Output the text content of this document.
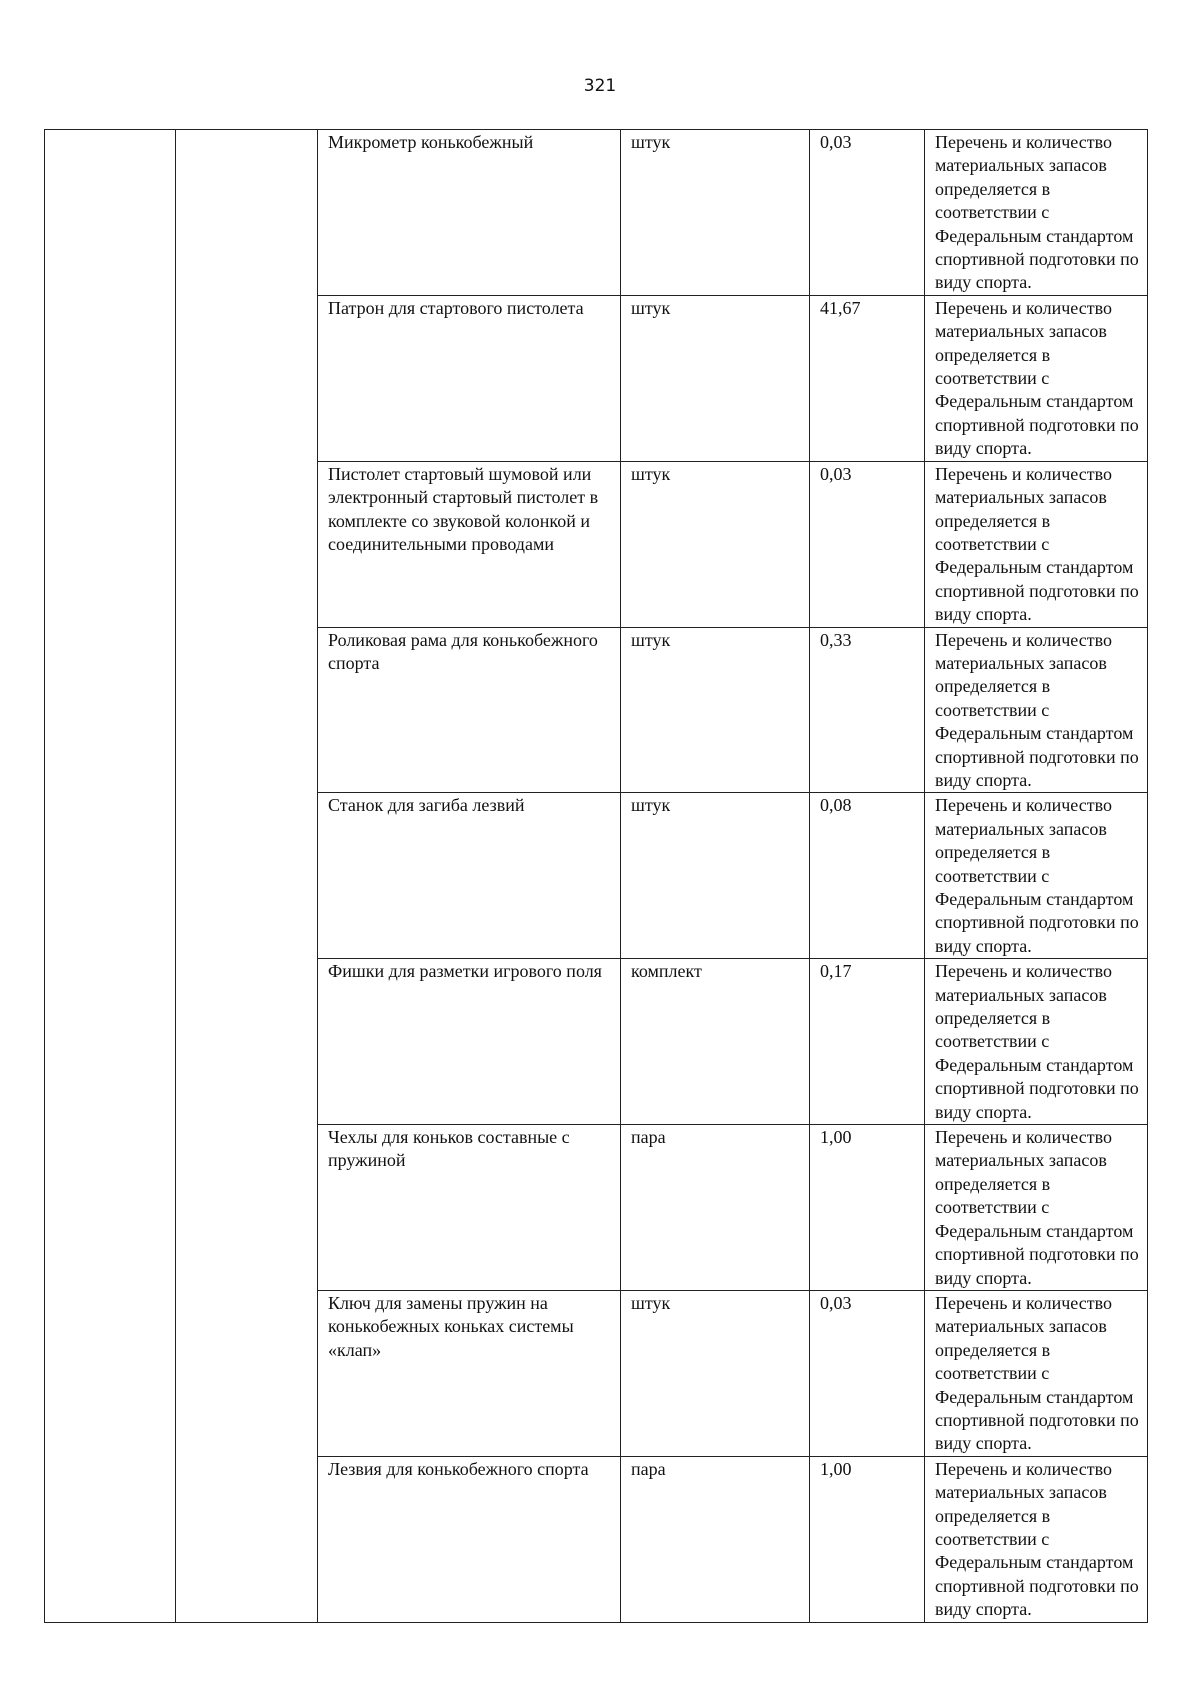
321

		Микрометр конькобежный	штук	0,03	Перечень и количество материальных запасов определяется в соответствии с Федеральным стандартом спортивной подготовки по виду спорта.

		Патрон для стартового пистолета	штук	41,67	Перечень и количество материальных запасов определяется в соответствии с Федеральным стандартом спортивной подготовки по виду спорта.

		Пистолет стартовый шумовой или электронный стартовый пистолет в комплекте со звуковой колонкой и соединительными проводами	штук	0,03	Перечень и количество материальных запасов определяется в соответствии с Федеральным стандартом спортивной подготовки по виду спорта.

		Роликовая рама для конькобежного спорта	штук	0,33	Перечень и количество материальных запасов определяется в соответствии с Федеральным стандартом спортивной подготовки по виду спорта.

		Станок для загиба лезвий	штук	0,08	Перечень и количество материальных запасов определяется в соответствии с Федеральным стандартом спортивной подготовки по виду спорта.

		Фишки для разметки игрового поля	комплект	0,17	Перечень и количество материальных запасов определяется в соответствии с Федеральным стандартом спортивной подготовки по виду спорта.

		Чехлы для коньков составные с пружиной	пара	1,00	Перечень и количество материальных запасов определяется в соответствии с Федеральным стандартом спортивной подготовки по виду спорта.

		Ключ для замены пружин на конькобежных коньках системы «клап»	штук	0,03	Перечень и количество материальных запасов определяется в соответствии с Федеральным стандартом спортивной подготовки по виду спорта.

		Лезвия для конькобежного спорта	пара	1,00	Перечень и количество материальных запасов определяется в соответствии с Федеральным стандартом спортивной подготовки по виду спорта.
